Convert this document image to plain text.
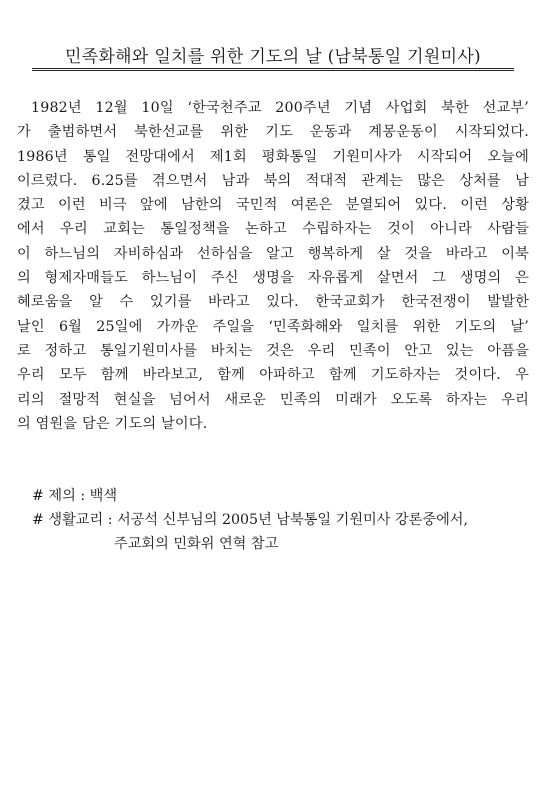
민족화해와 일치를 위한 기도의 날 (남북통일 기원미사)
1982년 12월 10일 ‘한국천주교 200주년 기념 사업회 북한 선교부’
가 출범하면서 북한선교를 위한 기도 운동과 계몽운동이 시작되었다.
1986년 통일 전망대에서 제1회 평화통일 기원미사가 시작되어 오늘에
이르렀다. 6.25를 겪으면서 남과 북의 적대적 관계는 많은 상처를 남
겼고 이런 비극 앞에 남한의 국민적 여론은 분열되어 있다. 이런 상황
에서 우리 교회는 통일정책을 논하고 수립하자는 것이 아니라 사람들
이 하느님의 자비하심과 선하심을 알고 행복하게 살 것을 바라고 이북
의 형제자매들도 하느님이 주신 생명을 자유롭게 살면서 그 생명의 은
혜로움을 알 수 있기를 바라고 있다. 한국교회가 한국전쟁이 발발한
날인 6월 25일에 가까운 주일을 ‘민족화해와 일치를 위한 기도의 날’
로 정하고 통일기원미사를 바치는 것은 우리 민족이 안고 있는 아픔을
우리 모두 함께 바라보고, 함께 아파하고 함께 기도하자는 것이다. 우
리의 절망적 현실을 넘어서 새로운 민족의 미래가 오도록 하자는 우리
의 염원을 담은 기도의 날이다.
# 제의 : 백색
# 생활교리 : 서공석 신부님의 2005년 남북통일 기원미사 강론중에서,
주교회의 민화위 연혁 참고
